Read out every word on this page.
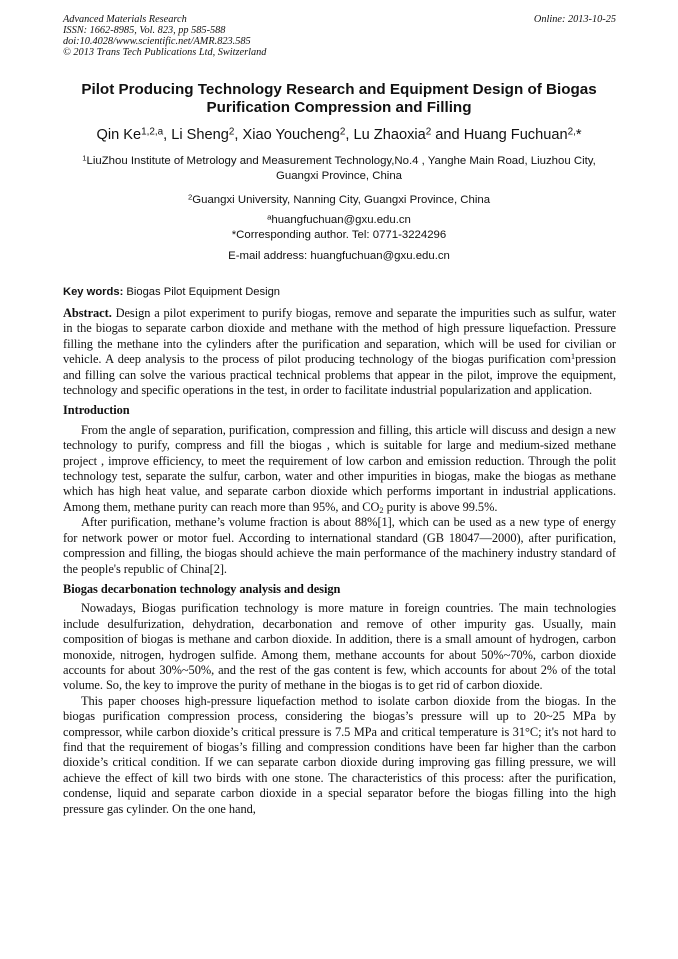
Advanced Materials Research
ISSN: 1662-8985, Vol. 823, pp 585-588
doi:10.4028/www.scientific.net/AMR.823.585
© 2013 Trans Tech Publications Ltd, Switzerland
Online: 2013-10-25
Pilot Producing Technology Research and Equipment Design of Biogas
Purification Compression and Filling
Qin Ke$^{1,2,a}$, Li Sheng$^2$, Xiao Youcheng$^2$, Lu Zhaoxia$^2$ and Huang Fuchuan$^{2,}$*
$^1$LiuZhou Institute of Metrology and Measurement Technology,No.4 , Yanghe Main Road, Liuzhou City, Guangxi Province, China
$^2$Guangxi University, Nanning City, Guangxi Province, China
$^a$huangfuchuan@gxu.edu.cn
*Corresponding author. Tel: 0771-3224296
E-mail address: huangfuchuan@gxu.edu.cn
Key words: Biogas Pilot Equipment Design

Abstract. Design a pilot experiment to purify biogas, remove and separate the impurities such as sulfur, water in the biogas to separate carbon dioxide and methane with the method of high pressure liquefaction. Pressure filling the methane into the cylinders after the purification and separation, which will be used for civilian or vehicle. A deep analysis to the process of pilot producing technology of the biogas purification com$^1$pression and filling can solve the various practical technical problems that appear in the pilot, improve the equipment, technology and specific operations in the test, in order to facilitate industrial popularization and application.

Introduction

From the angle of separation, purification, compression and filling, this article will discuss and design a new technology to purify, compress and fill the biogas , which is suitable for large and medium-sized methane project , improve efficiency, to meet the requirement of low carbon and emission reduction. Through the polit technology test, separate the sulfur, carbon, water and other impurities in biogas, make the biogas as methane which has high heat value, and separate carbon dioxide which performs important in industrial applications. Among them, methane purity can reach more than 95%, and $CO_2$ purity is above 99.5%.

After purification, methane’s volume fraction is about 88%[1], which can be used as a new type of energy for network power or motor fuel. According to international standard (GB 18047—2000), after purification, compression and filling, the biogas should achieve the main performance of the machinery industry standard of the people's republic of China[2].

Biogas decarbonation technology analysis and design

Nowadays, Biogas purification technology is more mature in foreign countries. The main technologies include desulfurization, dehydration, decarbonation and remove of other impurity gas. Usually, main composition of biogas is methane and carbon dioxide. In addition, there is a small amount of hydrogen, carbon monoxide, nitrogen, hydrogen sulfide. Among them, methane accounts for about 50%~70%, carbon dioxide accounts for about 30%~50%, and the rest of the gas content is few, which accounts for about 2% of the total volume. So, the key to improve the purity of methane in the biogas is to get rid of carbon dioxide.

This paper chooses high-pressure liquefaction method to isolate carbon dioxide from the biogas. In the biogas purification compression process, considering the biogas’s pressure will up to 20~25 MPa by compressor, while carbon dioxide’s critical pressure is 7.5 MPa and critical temperature is 31°C; it's not hard to find that the requirement of biogas’s filling and compression conditions have been far higher than the carbon dioxide’s critical condition. If we can separate carbon dioxide during improving gas filling pressure, we will achieve the effect of kill two birds with one stone. The characteristics of this process: after the purification, condense, liquid and separate carbon dioxide in a special separator before the biogas filling into the high pressure gas cylinder. On the one hand,
